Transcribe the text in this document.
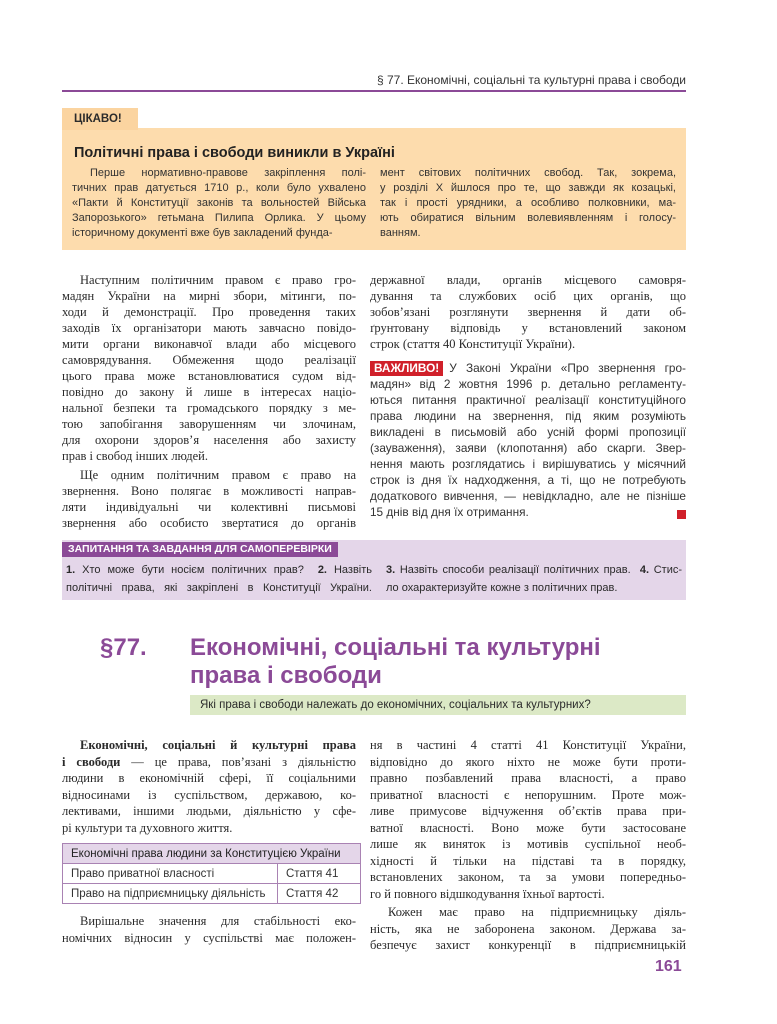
§ 77. Економічні, соціальні та культурні права і свободи
ЦІКАВО!
Політичні права і свободи виникли в Україні
Перше нормативно-правове закріплення полі-
тичних прав датується 1710 р., коли було ухвалено
«Пакти й Конституції законів та вольностей Війська
Запорозького» гетьмана Пилипа Орлика. У цьому
історичному документі вже був закладений фунда-
мент світових політичних свобод. Так, зокрема,
у розділі Х йшлося про те, що завжди як козацькі,
так і прості урядники, а особливо полковники, ма-
ють обиратися вільним волевиявленням і голосу-
ванням.
Наступним політичним правом є право гро-
мадян України на мирні збори, мітинги, по-
ходи й демонстрації. Про проведення таких
заходів їх організатори мають завчасно повідо-
мити органи виконавчої влади або місцевого
самоврядування. Обмеження щодо реалізації
цього права може встановлюватися судом від-
повідно до закону й лише в інтересах націо-
нальної безпеки та громадського порядку з ме-
тою запобігання заворушенням чи злочинам,
для охорони здоров’я населення або захисту
прав і свобод інших людей.
Ще одним політичним правом є право на
звернення. Воно полягає в можливості направ-
ляти індивідуальні чи колективні письмові
звернення або особисто звертатися до органів
державної влади, органів місцевого самовря-
дування та службових осіб цих органів, що
зобов’язані розглянути звернення й дати об-
ґрунтовану відповідь у встановлений законом
строк (стаття 40 Конституції України).
ВАЖЛИВО! У Законі України «Про звернення гро-
мадян» від 2 жовтня 1996 р. детально регламенту-
ються питання практичної реалізації конституційного
права людини на звернення, під яким розуміють
викладені в письмовій або усній формі пропозиції
(зауваження), заяви (клопотання) або скарги. Звер-
нення мають розглядатись і вирішуватись у місячний
строк із дня їх надходження, а ті, що не потребують
додаткового вивчення, — невідкладно, але не пізніше
15 днів від дня їх отримання.
ЗАПИТАННЯ ТА ЗАВДАННЯ ДЛЯ САМОПЕРЕВІРКИ
1. Хто може бути носієм політичних прав? 2. Назвіть
політичні права, які закріплені в Конституції України.
3. Назвіть способи реалізації політичних прав. 4. Стис-
ло охарактеризуйте кожне з політичних прав.
§77. Економічні, соціальні та культурні
права і свободи
Які права і свободи належать до економічних, соціальних та культурних?
Економічні, соціальні й культурні права
і свободи — це права, пов’язані з діяльністю
людини в економічній сфері, її соціальними
відносинами із суспільством, державою, ко-
лективами, іншими людьми, діяльністю у сфе-
рі культури та духовного життя.
Економічні права людини за Конституцією України	
Право приватної власності	Стаття 41
Право на підприємницьку діяльність	Стаття 42
Вирішальне значення для стабільності еко-
номічних відносин у суспільстві має положен-
ня в частині 4 статті 41 Конституції України,
відповідно до якого ніхто не може бути проти-
правно позбавлений права власності, а право
приватної власності є непорушним. Проте мож-
ливе примусове відчуження об’єктів права при-
ватної власності. Воно може бути застосоване
лише як виняток із мотивів суспільної необ-
хідності й тільки на підставі та в порядку,
встановлених законом, та за умови попередньо-
го й повного відшкодування їхньої вартості.
Кожен має право на підприємницьку діяль-
ність, яка не заборонена законом. Держава за-
безпечує захист конкуренції в підприємницькій
161
